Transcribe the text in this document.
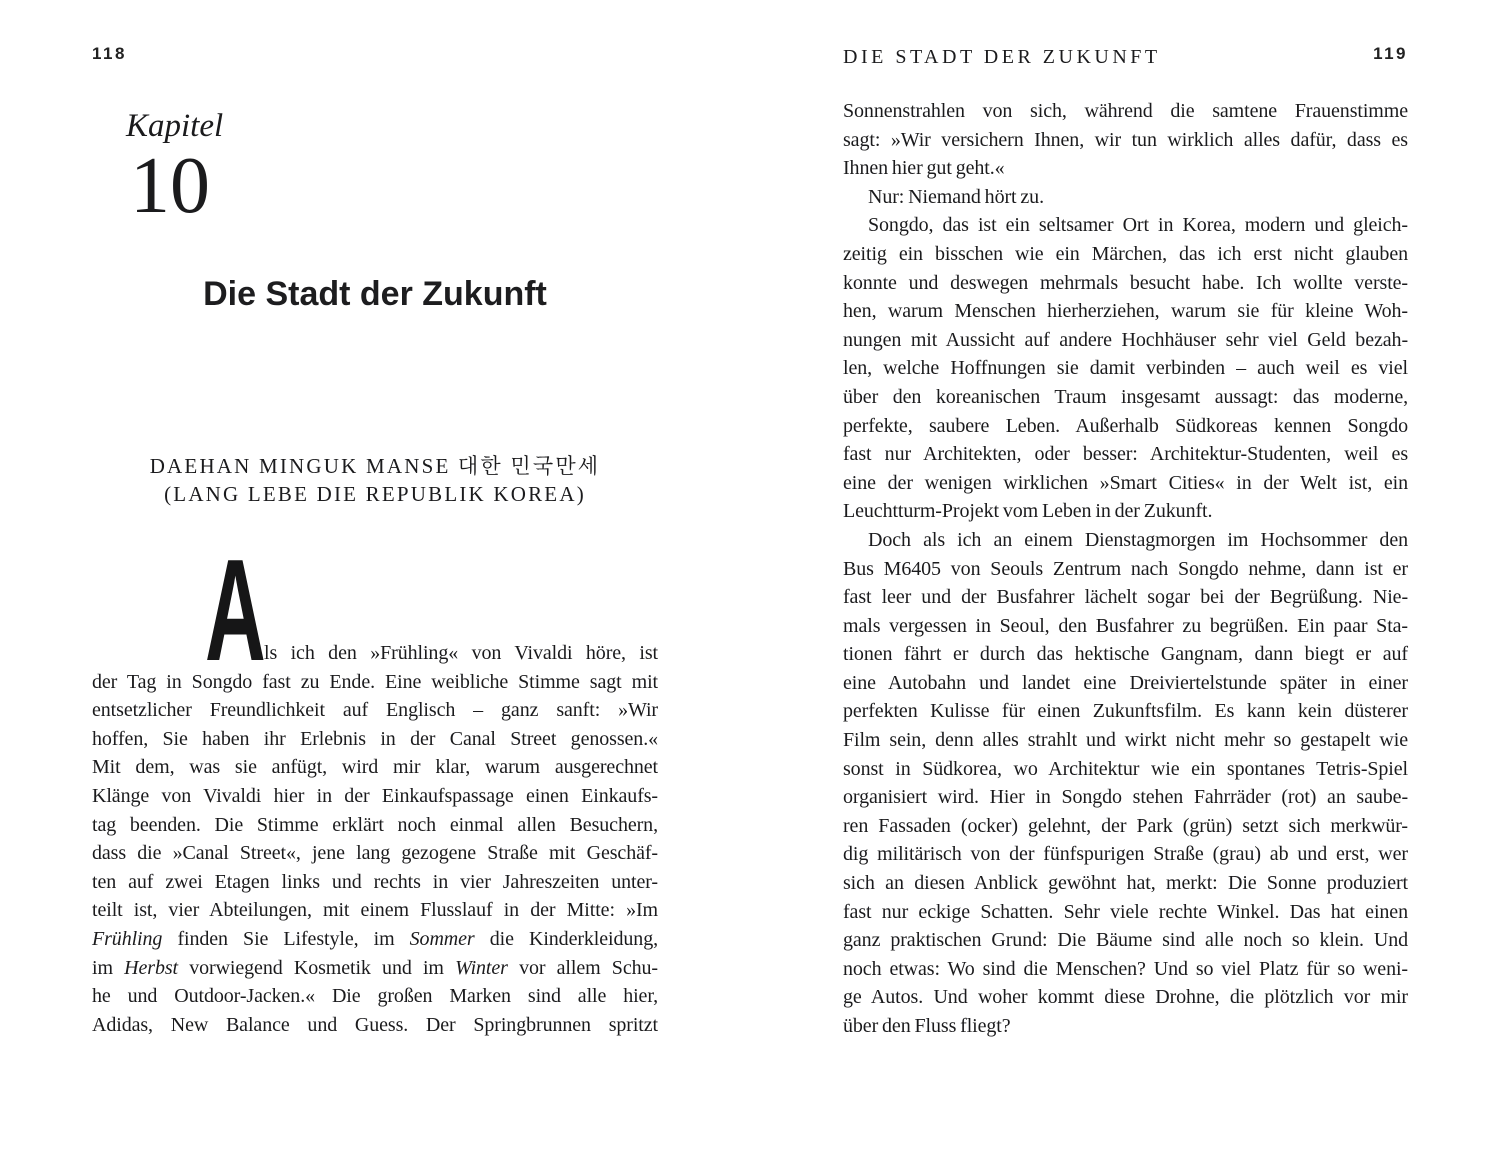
118
Kapitel
10
Die Stadt der Zukunft
DAEHAN MINGUK MANSE 대한 민국만세
(LANG LEBE DIE REPUBLIK KOREA)
A
ls ich den »Frühling« von Vivaldi höre, ist
der Tag in Songdo fast zu Ende. Eine weibliche Stimme sagt mit
entsetzlicher Freundlichkeit auf Englisch – ganz sanft: »Wir
hoffen, Sie haben ihr Erlebnis in der Canal Street genossen.«
Mit dem, was sie anfügt, wird mir klar, warum ausgerechnet
Klänge von Vivaldi hier in der Einkaufspassage einen Einkaufs-
tag beenden. Die Stimme erklärt noch einmal allen Besuchern,
dass die »Canal Street«, jene lang gezogene Straße mit Geschäf-
ten auf zwei Etagen links und rechts in vier Jahreszeiten unter-
teilt ist, vier Abteilungen, mit einem Flusslauf in der Mitte: »Im
Frühling finden Sie Lifestyle, im Sommer die Kinderkleidung,
im Herbst vorwiegend Kosmetik und im Winter vor allem Schu-
he und Outdoor-Jacken.« Die großen Marken sind alle hier,
Adidas, New Balance und Guess. Der Springbrunnen spritzt
DIE STADT DER ZUKUNFT	119
Sonnenstrahlen von sich, während die samtene Frauenstimme
sagt: »Wir versichern Ihnen, wir tun wirklich alles dafür, dass es
Ihnen hier gut geht.«
Nur: Niemand hört zu.
Songdo, das ist ein seltsamer Ort in Korea, modern und gleich-
zeitig ein bisschen wie ein Märchen, das ich erst nicht glauben
konnte und deswegen mehrmals besucht habe. Ich wollte verste-
hen, warum Menschen hierherziehen, warum sie für kleine Woh-
nungen mit Aussicht auf andere Hochhäuser sehr viel Geld bezah-
len, welche Hoffnungen sie damit verbinden – auch weil es viel
über den koreanischen Traum insgesamt aussagt: das moderne,
perfekte, saubere Leben. Außerhalb Südkoreas kennen Songdo
fast nur Architekten, oder besser: Architektur-Studenten, weil es
eine der wenigen wirklichen »Smart Cities« in der Welt ist, ein
Leuchtturm-Projekt vom Leben in der Zukunft.
Doch als ich an einem Dienstagmorgen im Hochsommer den
Bus M6405 von Seouls Zentrum nach Songdo nehme, dann ist er
fast leer und der Busfahrer lächelt sogar bei der Begrüßung. Nie-
mals vergessen in Seoul, den Busfahrer zu begrüßen. Ein paar Sta-
tionen fährt er durch das hektische Gangnam, dann biegt er auf
eine Autobahn und landet eine Dreiviertelstunde später in einer
perfekten Kulisse für einen Zukunftsfilm. Es kann kein düsterer
Film sein, denn alles strahlt und wirkt nicht mehr so gestapelt wie
sonst in Südkorea, wo Architektur wie ein spontanes Tetris-Spiel
organisiert wird. Hier in Songdo stehen Fahrräder (rot) an saube-
ren Fassaden (ocker) gelehnt, der Park (grün) setzt sich merkwür-
dig militärisch von der fünfspurigen Straße (grau) ab und erst, wer
sich an diesen Anblick gewöhnt hat, merkt: Die Sonne produziert
fast nur eckige Schatten. Sehr viele rechte Winkel. Das hat einen
ganz praktischen Grund: Die Bäume sind alle noch so klein. Und
noch etwas: Wo sind die Menschen? Und so viel Platz für so weni-
ge Autos. Und woher kommt diese Drohne, die plötzlich vor mir
über den Fluss fliegt?
